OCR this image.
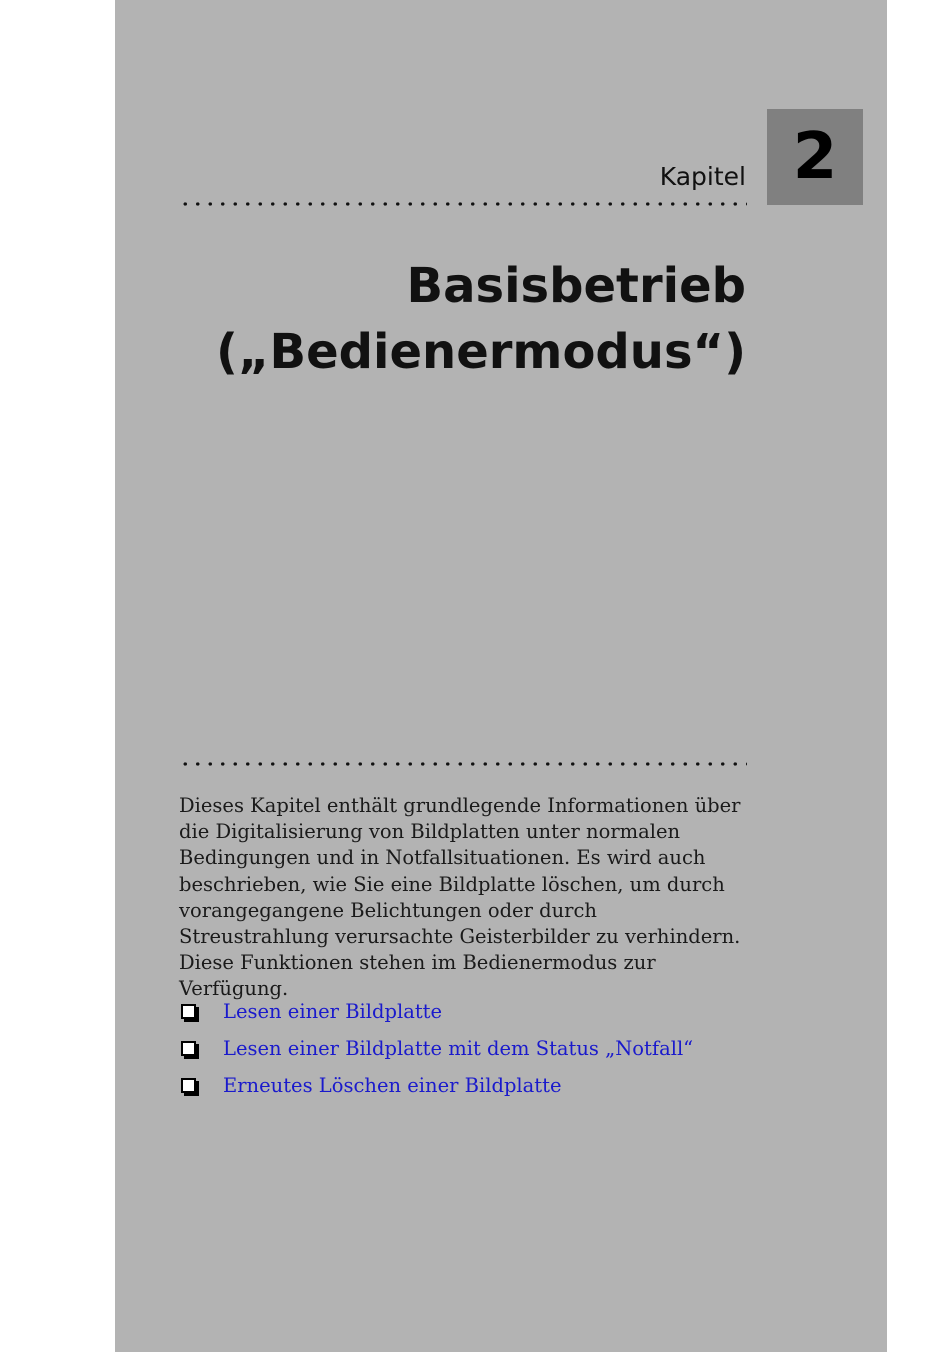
2
Kapitel
Basisbetrieb
(„Bedienermodus“)

Dieses Kapitel enthält grundlegende Informationen über die Digitalisierung von Bildplatten unter normalen Bedingungen und in Notfallsituationen. Es wird auch beschrieben, wie Sie eine Bildplatte löschen, um durch vorangegangene Belichtungen oder durch Streustrahlung verursachte Geisterbilder zu verhindern. Diese Funktionen stehen im Bedienermodus zur Verfügung.

Lesen einer Bildplatte
Lesen einer Bildplatte mit dem Status „Notfall“
Erneutes Löschen einer Bildplatte
